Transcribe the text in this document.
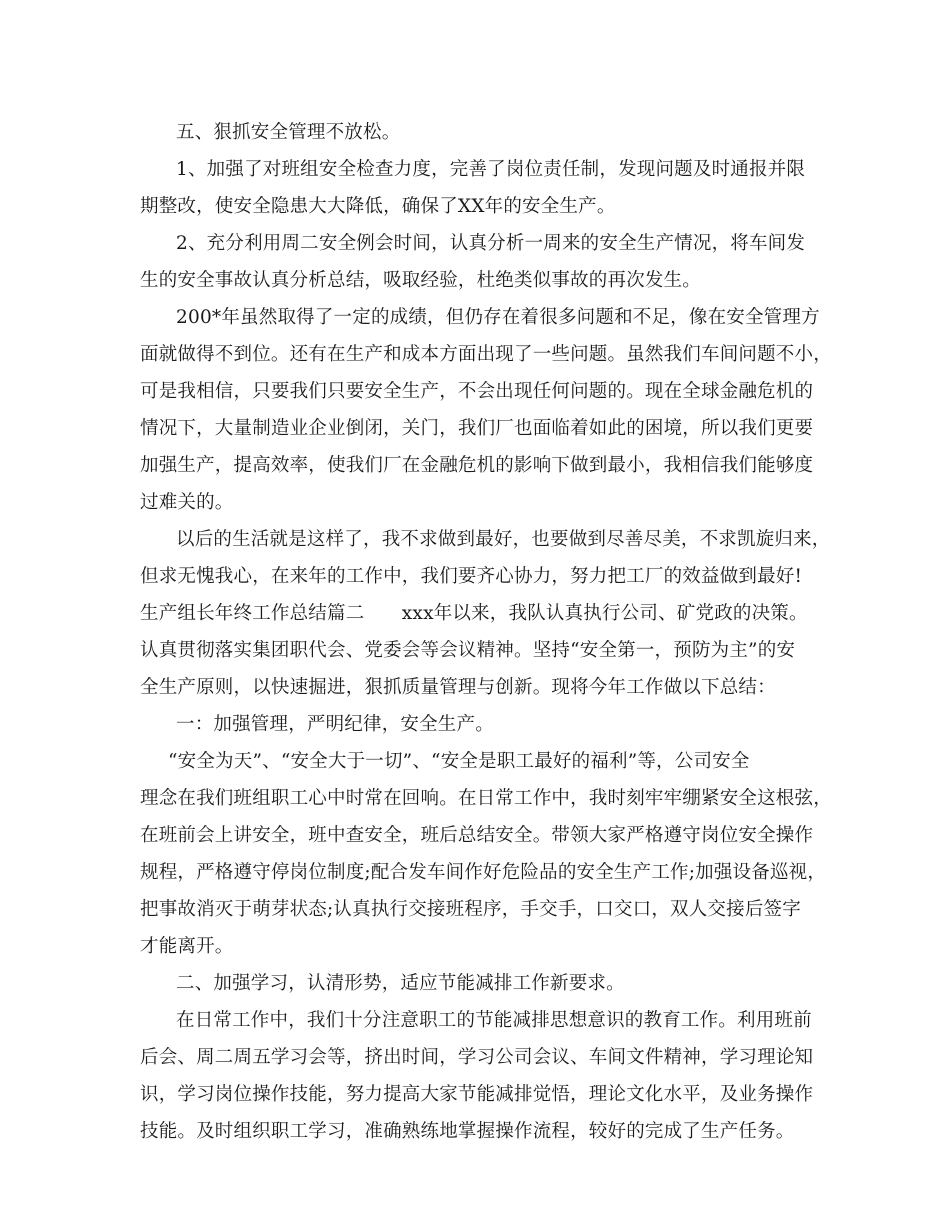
五、狠抓安全管理不放松。
1、加强了对班组安全检查力度，完善了岗位责任制，发现问题及时通报并限
期整改，使安全隐患大大降低，确保了XX年的安全生产。
2、充分利用周二安全例会时间，认真分析一周来的安全生产情况，将车间发
生的安全事故认真分析总结，吸取经验，杜绝类似事故的再次发生。
200*年虽然取得了一定的成绩，但仍存在着很多问题和不足，像在安全管理方
面就做得不到位。还有在生产和成本方面出现了一些问题。虽然我们车间问题不小，
可是我相信，只要我们只要安全生产，不会出现任何问题的。现在全球金融危机的
情况下，大量制造业企业倒闭，关门，我们厂也面临着如此的困境，所以我们更要
加强生产，提高效率，使我们厂在金融危机的影响下做到最小，我相信我们能够度
过难关的。
以后的生活就是这样了，我不求做到最好，也要做到尽善尽美，不求凯旋归来，
但求无愧我心，在来年的工作中，我们要齐心协力，努力把工厂的效益做到最好!
生产组长年终工作总结篇二　　xxx年以来，我队认真执行公司、矿党政的决策。
认真贯彻落实集团职代会、党委会等会议精神。坚持“安全第一，预防为主”的安
全生产原则，以快速掘进，狠抓质量管理与创新。现将今年工作做以下总结：
一：加强管理，严明纪律，安全生产。
“安全为天”、“安全大于一切”、“安全是职工最好的福利”等，公司安全
理念在我们班组职工心中时常在回响。在日常工作中，我时刻牢牢绷紧安全这根弦，
在班前会上讲安全，班中查安全，班后总结安全。带领大家严格遵守岗位安全操作
规程，严格遵守停岗位制度;配合发车间作好危险品的安全生产工作;加强设备巡视，
把事故消灭于萌芽状态;认真执行交接班程序，手交手，口交口，双人交接后签字
才能离开。
二、加强学习，认清形势，适应节能减排工作新要求。
在日常工作中，我们十分注意职工的节能减排思想意识的教育工作。利用班前
后会、周二周五学习会等，挤出时间，学习公司会议、车间文件精神，学习理论知
识，学习岗位操作技能，努力提高大家节能减排觉悟，理论文化水平，及业务操作
技能。及时组织职工学习，准确熟练地掌握操作流程，较好的完成了生产任务。
